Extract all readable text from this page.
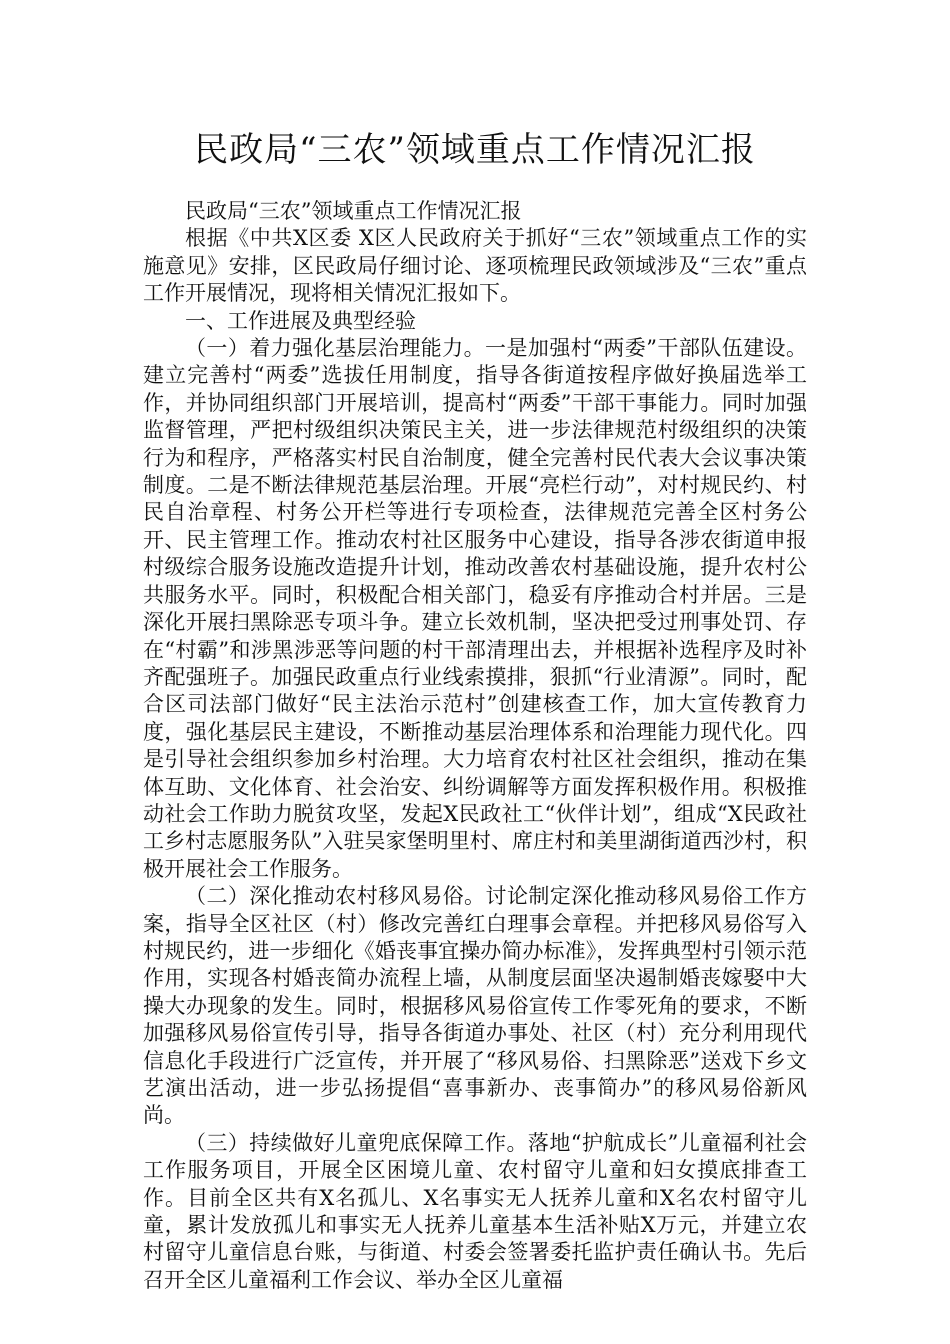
民政局“三农”领域重点工作情况汇报

民政局“三农”领域重点工作情况汇报

根据《中共X区委 X区人民政府关于抓好“三农”领域重点工作的实施意见》安排，区民政局仔细讨论、逐项梳理民政领域涉及“三农”重点工作开展情况，现将相关情况汇报如下。

一、工作进展及典型经验

（一）着力强化基层治理能力。一是加强村“两委”干部队伍建设。建立完善村“两委”选拔任用制度，指导各街道按程序做好换届选举工作，并协同组织部门开展培训，提高村“两委”干部干事能力。同时加强监督管理，严把村级组织决策民主关，进一步法律规范村级组织的决策行为和程序，严格落实村民自治制度，健全完善村民代表大会议事决策制度。二是不断法律规范基层治理。开展“亮栏行动”，对村规民约、村民自治章程、村务公开栏等进行专项检查，法律规范完善全区村务公开、民主管理工作。推动农村社区服务中心建设，指导各涉农街道申报村级综合服务设施改造提升计划，推动改善农村基础设施，提升农村公共服务水平。同时，积极配合相关部门，稳妥有序推动合村并居。三是深化开展扫黑除恶专项斗争。建立长效机制，坚决把受过刑事处罚、存在“村霸”和涉黑涉恶等问题的村干部清理出去，并根据补选程序及时补齐配强班子。加强民政重点行业线索摸排，狠抓“行业清源”。同时，配合区司法部门做好“民主法治示范村”创建核查工作，加大宣传教育力度，强化基层民主建设，不断推动基层治理体系和治理能力现代化。四是引导社会组织参加乡村治理。大力培育农村社区社会组织，推动在集体互助、文化体育、社会治安、纠纷调解等方面发挥积极作用。积极推动社会工作助力脱贫攻坚，发起X民政社工“伙伴计划”，组成“X民政社工乡村志愿服务队”入驻吴家堡明里村、席庄村和美里湖街道西沙村，积极开展社会工作服务。

（二）深化推动农村移风易俗。讨论制定深化推动移风易俗工作方案，指导全区社区（村）修改完善红白理事会章程。并把移风易俗写入村规民约，进一步细化《婚丧事宜操办简办标准》，发挥典型村引领示范作用，实现各村婚丧简办流程上墙，从制度层面坚决遏制婚丧嫁娶中大操大办现象的发生。同时，根据移风易俗宣传工作零死角的要求，不断加强移风易俗宣传引导，指导各街道办事处、社区（村）充分利用现代信息化手段进行广泛宣传，并开展了“移风易俗、扫黑除恶”送戏下乡文艺演出活动，进一步弘扬提倡“喜事新办、丧事简办”的移风易俗新风尚。

（三）持续做好儿童兜底保障工作。落地“护航成长”儿童福利社会工作服务项目，开展全区困境儿童、农村留守儿童和妇女摸底排查工作。目前全区共有X名孤儿、X名事实无人抚养儿童和X名农村留守儿童，累计发放孤儿和事实无人抚养儿童基本生活补贴X万元，并建立农村留守儿童信息台账，与街道、村委会签署委托监护责任确认书。先后召开全区儿童福利工作会议、举办全区儿童福
